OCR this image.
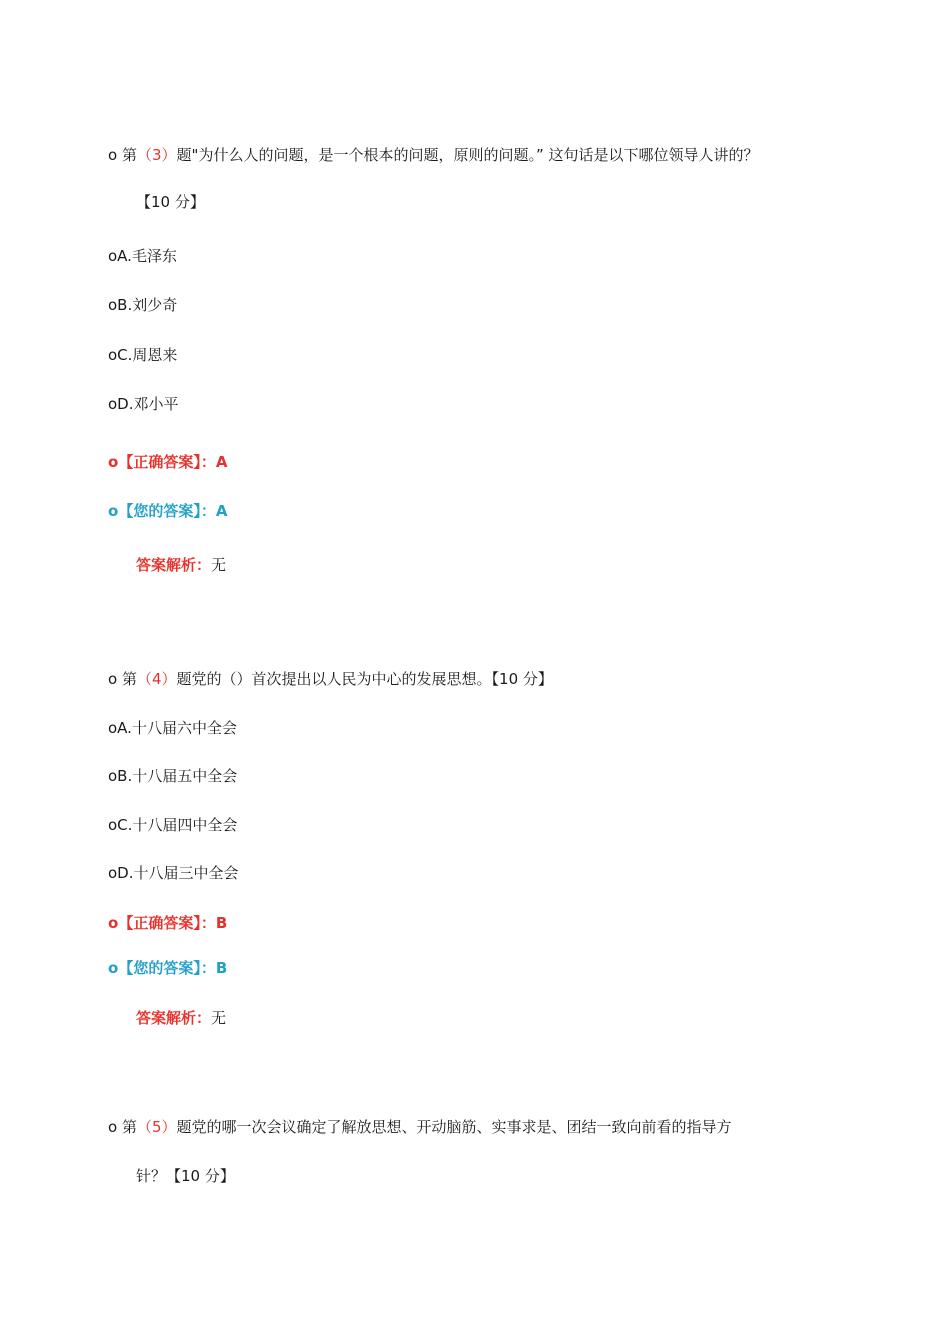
o 第（3）题"为什么人的问题，是一个根本的问题，原则的问题。” 这句话是以下哪位领导人讲的？
【10 分】
oA.毛泽东
oB.刘少奇
oC.周恩来
oD.邓小平
o【正确答案】：A
o【您的答案】：A
答案解析：无
o 第（4）题党的（）首次提出以人民为中心的发展思想。【10 分】
oA.十八届六中全会
oB.十八届五中全会
oC.十八届四中全会
oD.十八届三中全会
o【正确答案】：B
o【您的答案】：B
答案解析：无
o 第（5）题党的哪一次会议确定了解放思想、开动脑筋、实事求是、团结一致向前看的指导方
针？【10 分】
